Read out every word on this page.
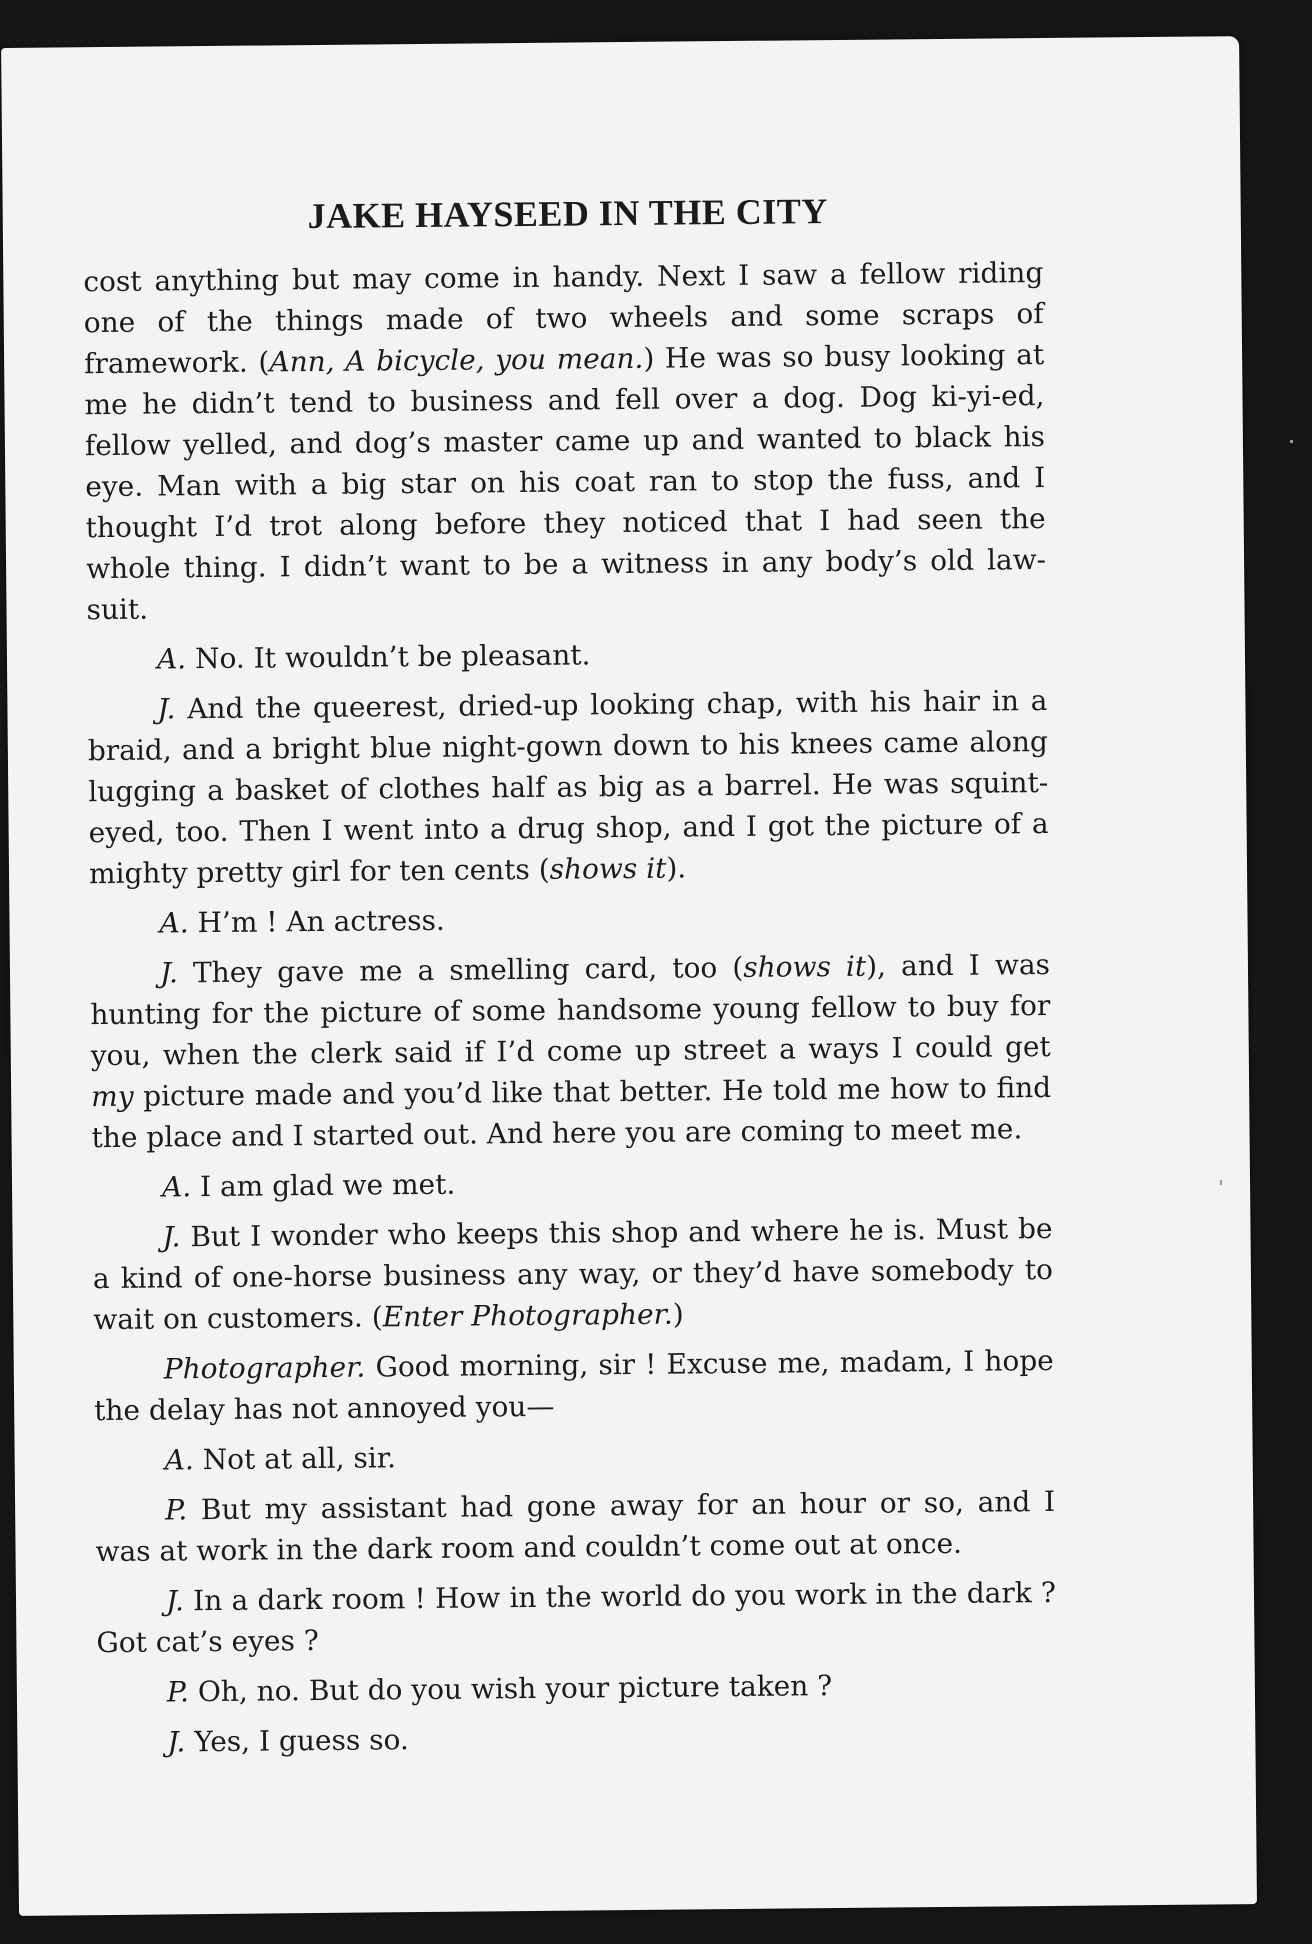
JAKE HAYSEED IN THE CITY

cost anything but may come in handy. Next I saw a fellow riding one of the things made of two wheels and some scraps of framework. (Ann, A bicycle, you mean.) He was so busy looking at me he didn’t tend to business and fell over a dog. Dog ki-yi-ed, fellow yelled, and dog’s master came up and wanted to black his eye. Man with a big star on his coat ran to stop the fuss, and I thought I’d trot along before they noticed that I had seen the whole thing. I didn’t want to be a witness in any body’s old law-suit.

A. No. It wouldn’t be pleasant.

J. And the queerest, dried-up looking chap, with his hair in a braid, and a bright blue night-gown down to his knees came along lugging a basket of clothes half as big as a barrel. He was squint-eyed, too. Then I went into a drug shop, and I got the picture of a mighty pretty girl for ten cents (shows it).

A. H’m ! An actress.

J. They gave me a smelling card, too (shows it), and I was hunting for the picture of some handsome young fellow to buy for you, when the clerk said if I’d come up street a ways I could get my picture made and you’d like that better. He told me how to find the place and I started out. And here you are coming to meet me.

A. I am glad we met.

J. But I wonder who keeps this shop and where he is. Must be a kind of one-horse business any way, or they’d have somebody to wait on customers. (Enter Photographer.)

Photographer. Good morning, sir ! Excuse me, madam, I hope the delay has not annoyed you—

A. Not at all, sir.

P. But my assistant had gone away for an hour or so, and I was at work in the dark room and couldn’t come out at once.

J. In a dark room ! How in the world do you work in the dark ? Got cat’s eyes ?

P. Oh, no. But do you wish your picture taken ?

J. Yes, I guess so.
